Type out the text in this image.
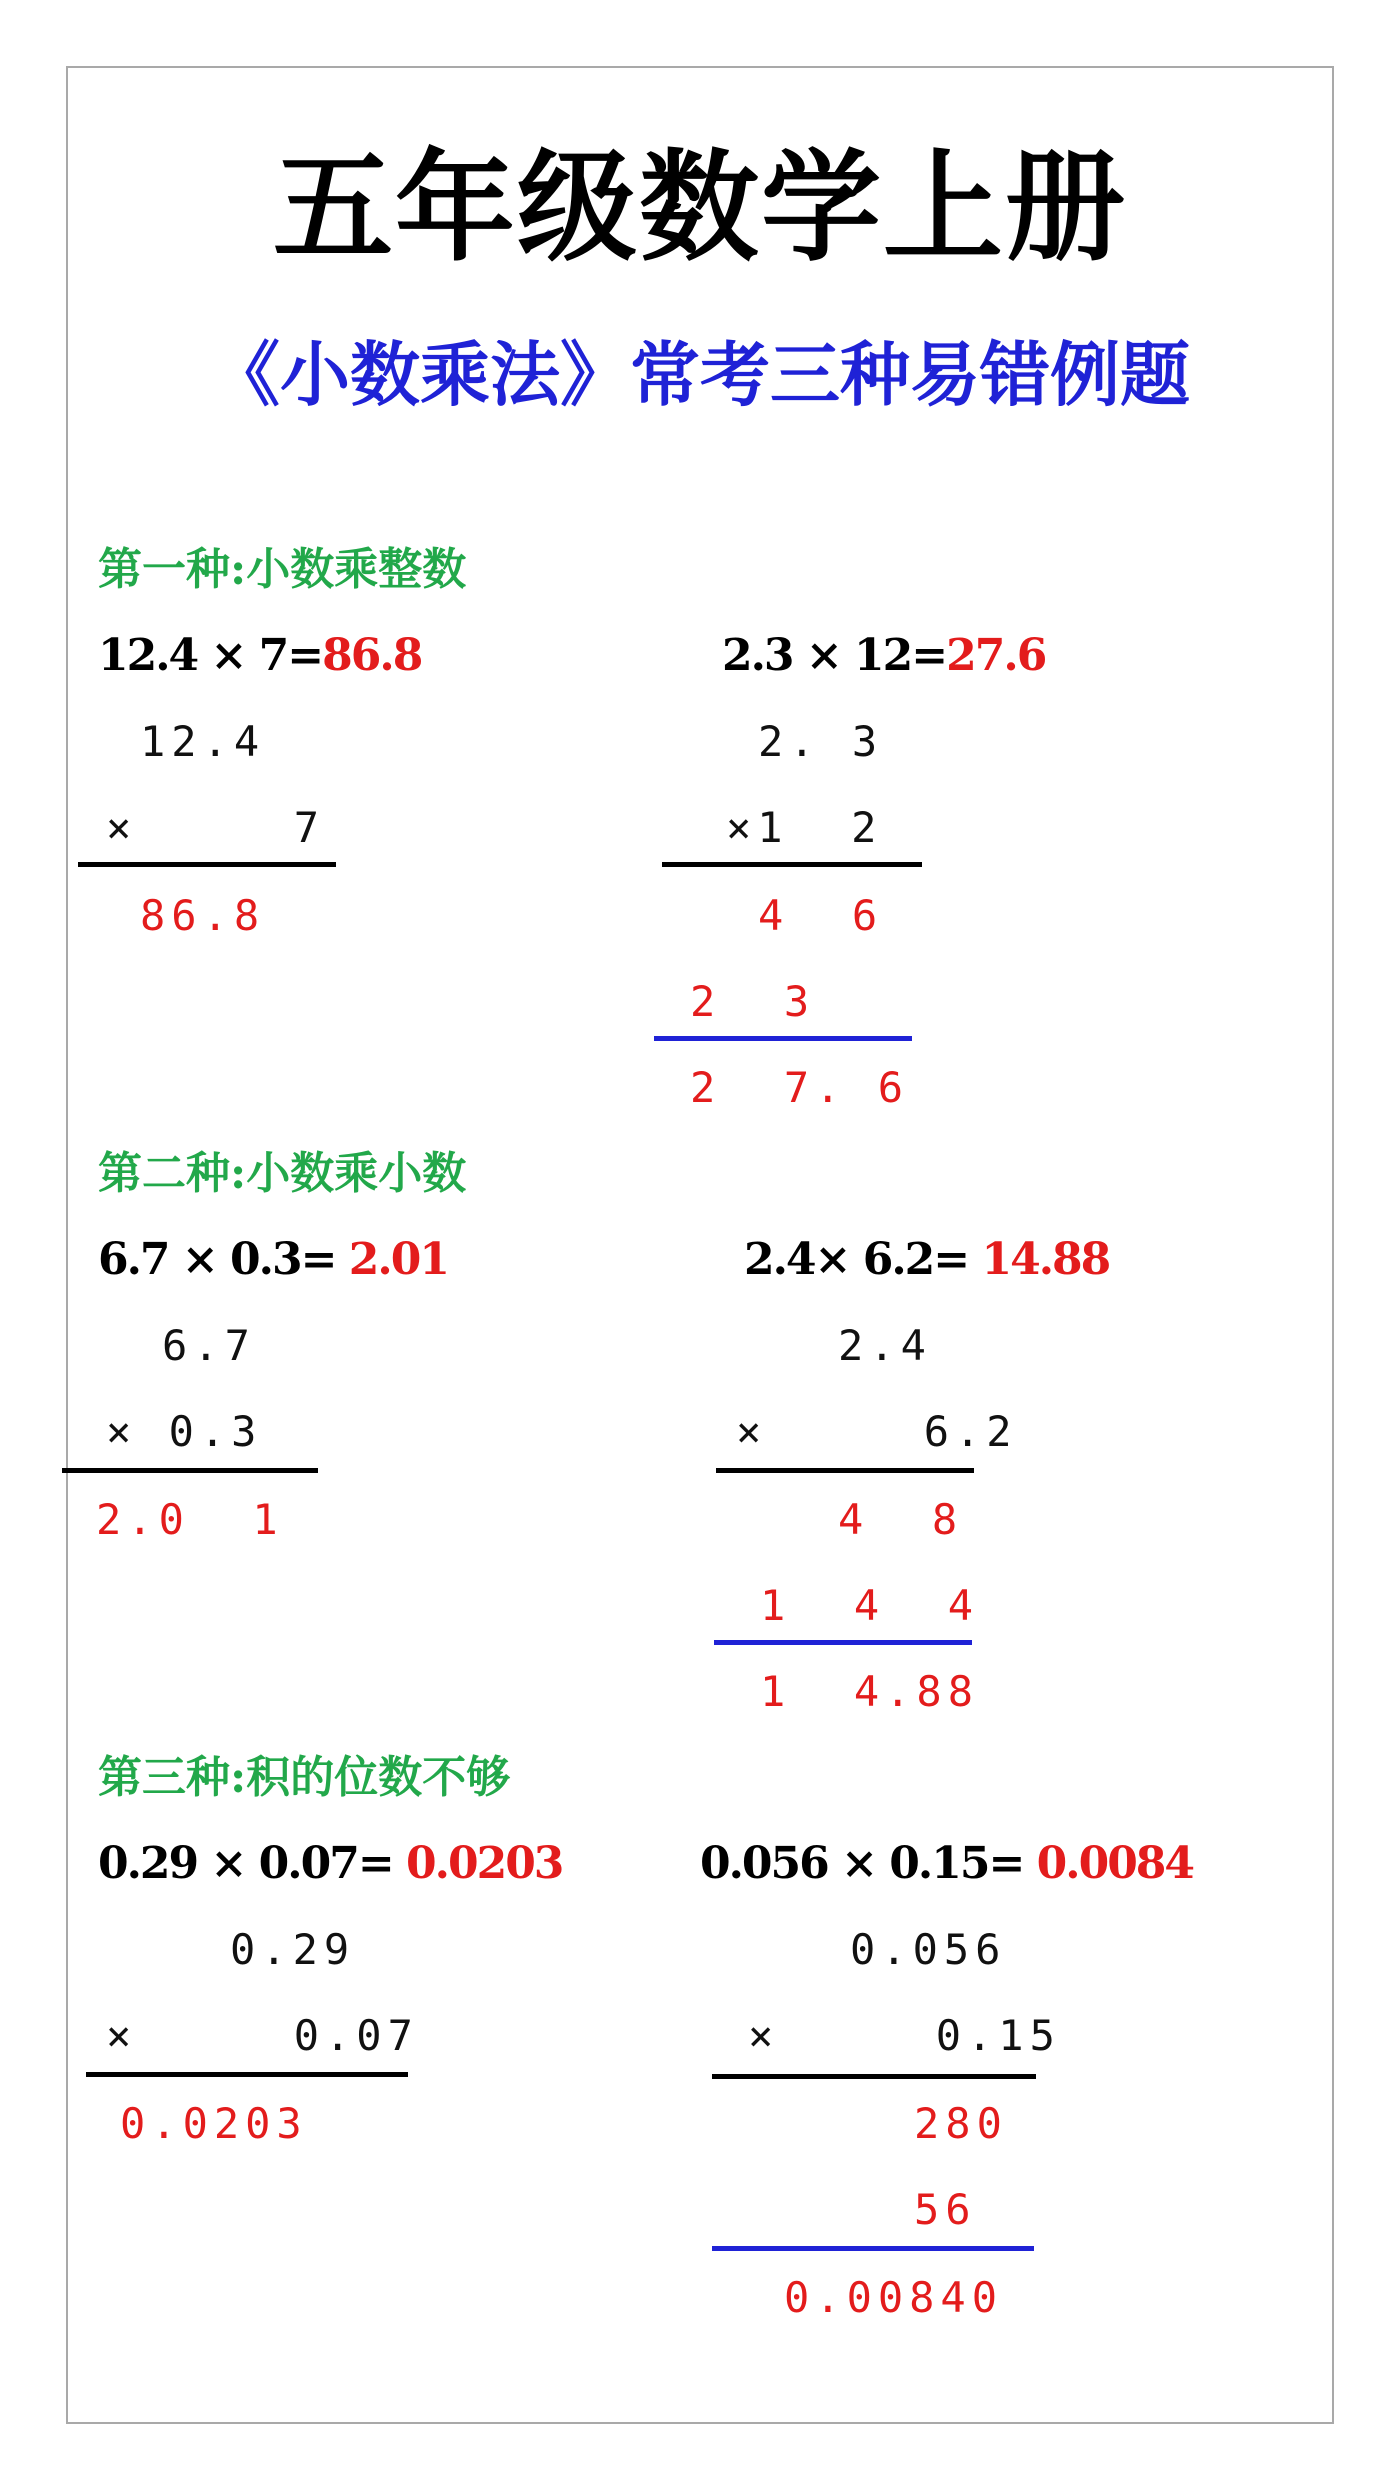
五年级数学上册
《小数乘法》常考三种易错例题
第一种:小数乘整数
12.4 × 7=86.8
12.4
×     7
86.8
2.3 × 12=27.6
2. 3
×1  2
4  6
2  3
2  7. 6
第二种:小数乘小数
6.7 × 0.3= 2.01
6.7
× 0.3
2.0  1
2.4× 6.2= 14.88
2.4
×     6.2
4  8
1  4  4
1  4.88
第三种:积的位数不够
0.29 × 0.07= 0.0203
0.29
×     0.07
0.0203
0.056 × 0.15= 0.0084
0.056
×     0.15
280
56
0.00840
